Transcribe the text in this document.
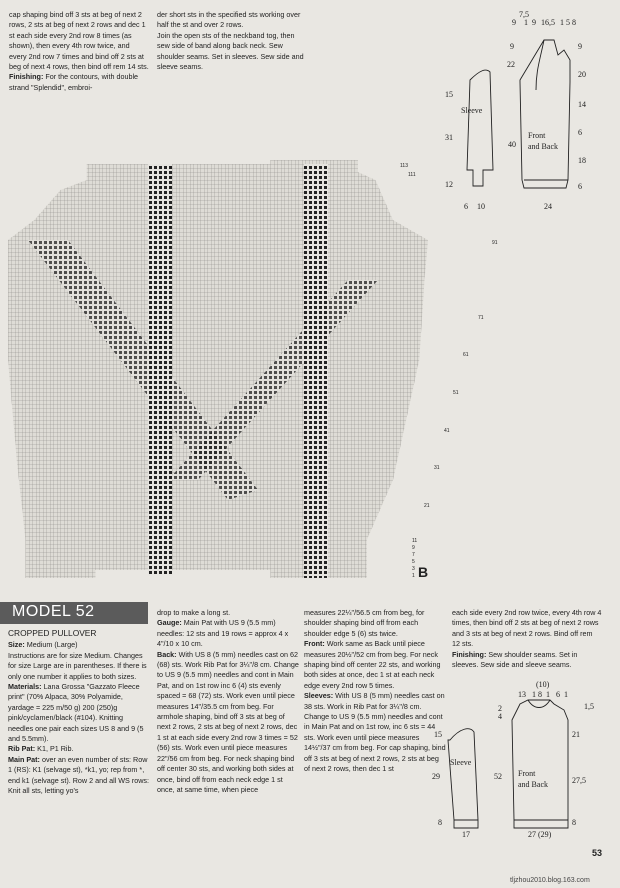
cap shaping bind off 3 sts at beg of next 2 rows, 2 sts at beg of next 2 rows and dec 1 st each side every 2nd row 8 times (as shown), then every 4th row twice, and every 2nd row 7 times and bind off 2 sts at beg of next 4 rows, then bind off rem 14 sts.
Finishing: For the contours, with double strand "Splendid", embroi-
der short sts in the specified sts working over half the st and over 2 rows.
Join the open sts of the neckband tog, then sew side of band along back neck. Sew shoulder seams. Set in sleeves. Sew side and sleeve seams.
7,5
9 1 9 16,5 1 5 8
9	9
22
15
Sleeve
31
40
Front and Back
12
6 10	24
20
14
6
18
6
B
113
111
91
71
61
51
41
31
21
11
9
7
5
3
1
MODEL 52
CROPPED PULLOVER
Size: Medium (Large)
Instructions are for size Medium. Changes for size Large are in parentheses. If there is only one number it applies to both sizes.
Materials: Lana Grossa "Gazzato Fleece print" (70% Alpaca, 30% Polyamide, yardage = 225 m/50 g) 200 (250)g pink/cyclamen/black (#104). Knitting needles one pair each sizes US 8 and 9 (5 and 5.5mm).
Rib Pat: K1, P1 Rib.
Main Pat: over an even number of sts: Row 1 (RS): K1 (selvage st), *k1, yo; rep from *, end k1 (selvage st). Row 2 and all WS rows: Knit all sts, letting yo's
drop to make a long st.
Gauge: Main Pat with US 9 (5.5 mm) needles: 12 sts and 19 rows = approx 4 x 4"/10 x 10 cm.
Back: With US 8 (5 mm) needles cast on 62 (68) sts. Work Rib Pat for 3¼"/8 cm. Change to US 9 (5.5 mm) needles and cont in Main Pat, and on 1st row inc 6 (4) sts evenly spaced = 68 (72) sts. Work even until piece measures 14"/35.5 cm from beg. For armhole shaping, bind off 3 sts at beg of next 2 rows, 2 sts at beg of next 2 rows, dec 1 st at each side every 2nd row 3 times = 52 (56) sts. Work even until piece measures 22"/56 cm from beg. For neck shaping bind off center 30 sts, and working both sides at once, bind off from each neck edge 1 st once, at same time, when piece
measures 22¼"/56.5 cm from beg, for shoulder shaping bind off from each shoulder edge 5 (6) sts twice.
Front: Work same as Back until piece measures 20½"/52 cm from beg. For neck shaping bind off center 22 sts, and working both sides at once, dec 1 st at each neck edge every 2nd row 5 times.
Sleeves: With US 8 (5 mm) needles cast on 38 sts. Work in Rib Pat for 3¼"/8 cm. Change to US 9 (5.5 mm) needles and cont in Main Pat and on 1st row, inc 6 sts = 44 sts. Work even until piece measures 14½"/37 cm from beg. For cap shaping, bind off 3 sts at beg of next 2 rows, 2 sts at beg of next 2 rows, then dec 1 st
each side every 2nd row twice, every 4th row 4 times, then bind off 2 sts at beg of next 2 rows and 3 sts at beg of next 2 rows. Bind off rem 12 sts.
Finishing: Sew shoulder seams. Set in sleeves. Sew side and sleeve seams.
(10)
13 1 8 1 6 1
1,5
2
4
15
Sleeve
29
8
17
52 Front and Back
21
27,5
8
27 (29)
53
tljzhou2010.blog.163.com
